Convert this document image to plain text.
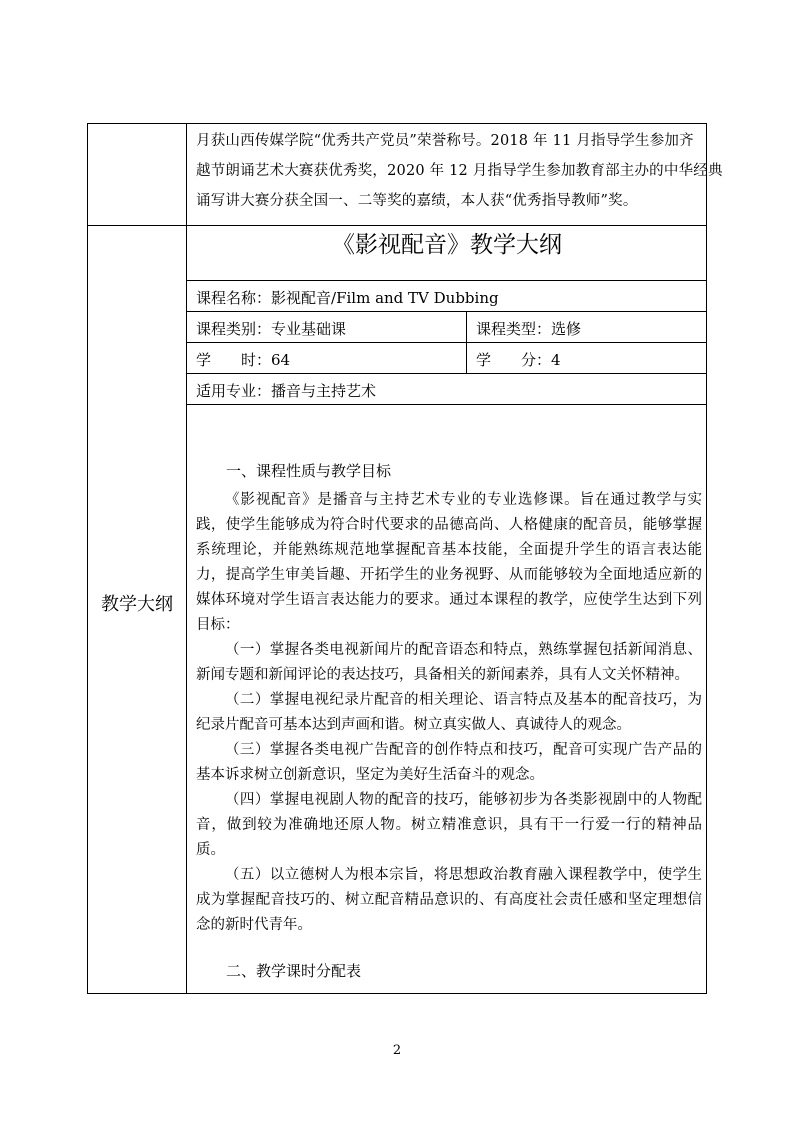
月获山西传媒学院“优秀共产党员”荣誉称号。2018 年 11 月指导学生参加齐

越节朗诵艺术大赛获优秀奖，2020 年 12 月指导学生参加教育部主办的中华经典

诵写讲大赛分获全国一、二等奖的嘉绩，本人获“优秀指导教师”奖。

教学大纲
《影视配音》教学大纲
课程名称：影视配音/Film and TV Dubbing
课程类别：专业基础课	课程类型：选修
学　　时：64	学　　分：4
适用专业：播音与主持艺术
一、课程性质与教学目标

《影视配音》是播音与主持艺术专业的专业选修课。旨在通过教学与实践，使学生能够成为符合时代要求的品德高尚、人格健康的配音员，能够掌握系统理论，并能熟练规范地掌握配音基本技能，全面提升学生的语言表达能力，提高学生审美旨趣、开拓学生的业务视野、从而能够较为全面地适应新的媒体环境对学生语言表达能力的要求。通过本课程的教学，应使学生达到下列目标：

（一）掌握各类电视新闻片的配音语态和特点，熟练掌握包括新闻消息、新闻专题和新闻评论的表达技巧，具备相关的新闻素养，具有人文关怀精神。

（二）掌握电视纪录片配音的相关理论、语言特点及基本的配音技巧，为纪录片配音可基本达到声画和谐。树立真实做人、真诚待人的观念。

（三）掌握各类电视广告配音的创作特点和技巧，配音可实现广告产品的基本诉求树立创新意识，坚定为美好生活奋斗的观念。

（四）掌握电视剧人物的配音的技巧，能够初步为各类影视剧中的人物配音，做到较为准确地还原人物。树立精准意识，具有干一行爱一行的精神品质。

（五）以立德树人为根本宗旨，将思想政治教育融入课程教学中，使学生成为掌握配音技巧的、树立配音精品意识的、有高度社会责任感和坚定理想信念的新时代青年。

二、教学课时分配表
2
